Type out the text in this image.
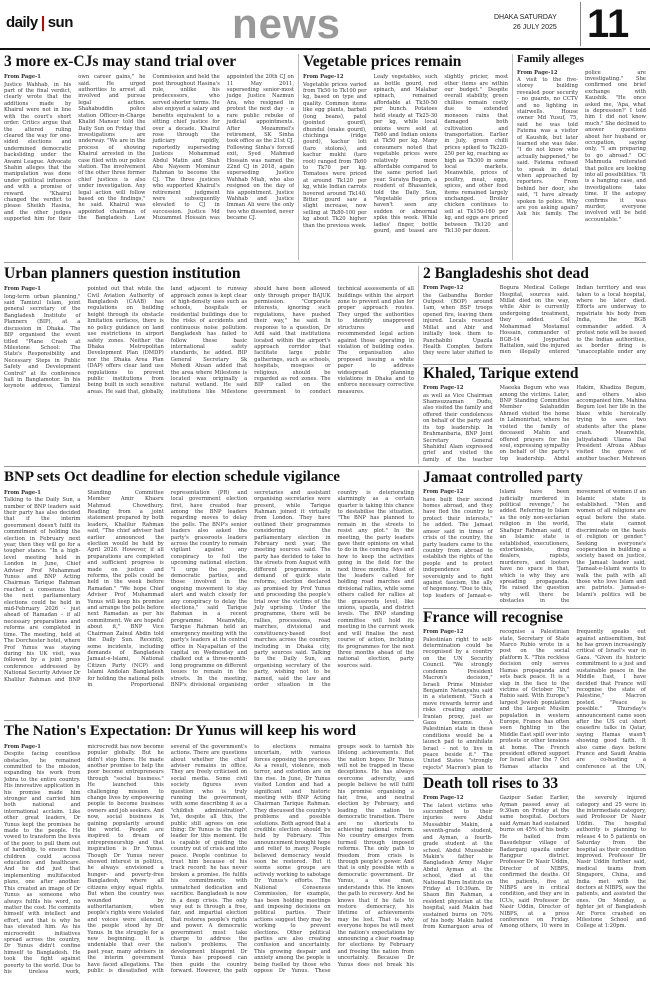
daily sun	news	DHAKA SATURDAY
26 JULY 2025 11
3 more ex-CJs may stand trial over

From Page-1

Justice Wahhab, in his part of the final verdict, clearly wrote that the additions made by Khairul were not in line with the court's short order. Critics argue that the altered ruling cleared the way for one-sided elections and undermined democratic backsliding under the Awami League. Advocate Shahin alleges that the manipulation was done under political influence and with a promise of reward. "Khairul changed the verdict to please Sheikh Hasina, and the other judges supported him for their own career gains," he said. He urged authorities to arrest all involved and pursue legal action. Shahabuddin police station Officer-in-Charge Khalid Mansur told the Daily Sun on Friday that investigations are underway. "We are in the process of showing Khairul arrested in the case filed with our police station. The involvement of the other three former chief justices is also under investigation. Any legal action will follow based on the findings," he said. Khairul was appointed chairman of the Bangladesh Law Commission and held the post throughout Hasina's rule, unlike his predecessors, who served shorter terms. He also enjoyed a salary and benefits equivalent to a sitting chief justice for over a decade. Khairul rose through the judiciary rapidly, reportedly superseding Justices Mohammad Abdul Matin and Shah Abu Nayeem Mominur Rahman to become the CJ. The three justices who supported Khairul's retirement judgment were subsequently elevated to CJ in succession. Justice Md Muzammel Hossain was appointed the 20th CJ on 11 May 2011, superseding senior-most judge Justice Nazmun Ara, who resigned in protest the next day - a rare public rebuke of judicial appointments. After Mozammel's retirement, SK Sinha took office as the 21st CJ. Following Sinha's forced exit, Syed Mahmud Hossain was named the 22nd CJ in 2018, again superseding Justice Wahhab Miah, who also resigned on the day of his appointment. Justice Wahhab and Justice Imman Ali were the only two who dissented, never became CJ.

Vegetable prices remain

From Page-12

Vegetable prices varied from Tk50 to Tk100 per kg, based on type and quality. Common items like egg plants, barbati (long beans), patol (pointed gourd), dhundul (snake gourd), chichinga (ridge gourd), kachur loti (taro stolons), and kachur mukhi (taro root) ranged from Tk60 to Tk70 per kg. Tomatoes were priced at around Tk120 per kg, while Indian carrots hovered around Tk140. Bitter gourd saw a slight increase, now selling at Tk80-100 per kg about Tk20 higher than the previous week. Leafy vegetables, such as bottle gourd, red spinach, and Malabar spinach, remained affordable at Tk30-50 per bunch. Potatoes held steady at Tk25-30 per kg, while local onions were sold at Tk60 and Indian onions at Tk50 per kg. Many consumers noted that vegetable prices were relatively more affordable compared to the same period last year. Suraiya Begum, a resident of Bhasantek, told the Daily Sun, "Vegetable prices haven't seen any sudden or abnormal spike this week. While ladies' finger, bottle gourd, and teasel are slightly pricier, most other items are within our budget." Despite overall stability, green chillies remain costly due to extended monsoon rains that damaged both cultivation and transportation. Earlier in July, green chilli prices spiked to Tk220-250 per kg, reaching as high as Tk300 in some local markets. Meanwhile, prices of poultry, meat, eggs, spices, and other food items remained largely unchanged. Broiler chicken continues to sell at Tk150-160 per kg, and eggs are priced between Tk120 and Tk130 per dozen.

Family alleges

From Page-12

A visit to the five-storey building revealed poor security - no guards, no CCTV and no lighting in stairwells. House owner Md Yusuf, 75, said he was told Fatema was a visitor of Kaushik, but later learned she was fake. "I do not know who actually happened," he said. Fatema refused to speak in detail when approached by reporters. From behind her door, she said, "I have already spoken to police. Why are you asking again? Ask his family. The police are investigating." She confirmed one brief exchange with Kaushik. "He once asked me, 'Apa, what is depression?' I told him I did not know much." She declined to answer questions about her husband or occupation, saying only, "I am preparing to go abroad." OC Mahmuda reiterated that police are looking into all possibilities. "It is a hanging case, and investigations take time. If the autopsy confirms it was murder, everyone involved will be held accountable."

Urban planners question institution

From Page-1

long-term urban planning," said Tamizul Islam, joint general secretary of the Bangladesh Institute of Planners (BIP), at a discussion in Dhaka. The BIP organised the event titled "Plane Crash at Milestone School: The State's Responsibility and Necessary Steps in Public Safety and Development Control" at its conference hall in Banglamotor. In his keynote address, Tamizul pointed out that while the Civil Aviation Authority of Bangladesh (CAAB) has regulations on building height through its obstacle limitation surfaces, there is no policy guidance on land use restrictions in airport safety zones. Neither the Dhaka Metropolitan Development Plan (DMDP) nor the Dhaka Area Plan (DAP) offers clear land use regulations to prevent public institutions from being built in such sensitive areas. He said that, globally, land adjacent to runway approach zones is kept clear of high-density uses such as schools, hospitals or residential buildings due to the risks of accidents and continuous noise pollution. Bangladesh has failed to follow these basic international safety standards, he added. BIP General Secretary Sk Mehedi Ahsan added that the area where Milestone is located was originally a natural wetland. He said institutions like Milestone should have been allowed only through proper BAJUK permission. "Corporate interests, ignoring such regulations, have pushed their way," he said. In response to a question, Dr Adil said that institutions located within the airport's approach corridor that facilitate large public gatherings, such as schools, hospitals, mosques or religious, should be regarded as red zones. The BIP called on the government to conduct technical assessments of all buildings within the airport zone to prevent and plan for proper approach routes. They urged the authorities to identify unapproved structures and recommended legal action against those operating in violation of building codes. The organisation also proposed issuing a white paper to address widespread planning violations in Dhaka and to enforce necessary corrective measures.

2 Bangladeshis shot dead

From Page-12

the Gaibandha Border Outpost (BOP) around 1am, when BSF troops opened fire, leaving them injured. Locals rescued Millat and Abir and initially took them to Panchabibi Upazila Health Complex before they were later shifted to Bogura Medical College Hospital, sources said. Millat died on the way, while Abir is currently undergoing treatment, they added. Col Mohammad Mostamul Hossain, commander of BGB-14 Joypurhat Battalion, said the injured men illegally entered Indian territory and was taken to a local hospital, where he later died. Efforts are underway to repatriate his body from India, the BGB commander added. A protest note will be issued to the Indian authorities, as border firing is "unacceptable under any

Khaled, Tarique extend

From Page-12

as well as Vice Chairman Shamsuzzaman Dudu, also visited the family and offered their condolences on behalf of the party and its top leadership. In Brahmanbaria, BNP Joint Secretary General Shahidul Alam expressed grief and visited the family of the teacher Maeeka Begum who was among the victims. Later, BNP Standing Committee Member Salahuddin Ahmed visited the home in Lalmonirhat, where he visited the family of deceased Mahin and offered prayers for his soul, expressing sympathy on behalf of the party's top leadership. Abdul Hakim, Khadiza Begum, and others also accompanied him. Mahina Begum lost her life in the blaze while heroically trying to save two students after the plane crash. Meanwhile, Jatiyatabadi Ulama Dal President Afroza Abbas visited the grave of another teacher. Mehreen

BNP sets Oct deadline for election schedule vigilance

From Page-1

Talking to the Daily Sun, a number of BNP leaders said their party has also decided that if the interim government doesn't fulfil its commitment of holding the election in February next year, then they will go for a tougher stance. "In a high-level meeting held in London in June, Chief Adviser Prof Muhammad Yunus and BNP Acting Chairman Tarique Rahman reached a consensus that the next parliamentary elections could be held in mid-February 2026 - just ahead of Ramadan - if all necessary preparations and reforms are completed in time. The meeting, held at The Dorchester hotel, where Prof Yunus was staying during his UK visit, was followed by a joint press conference addressed by National Security Advisor Dr Khalilur Rahman and BNP Standing Committee Member Amir Khasru Mahmud Chowdhury. Reading from a joint statement prepared by both leaders, Khalilur Rahman said, "The chief adviser had earlier announced the election would be held by April 2026. However, if all preparations are completed and sufficient progress is made on justice and reforms, the polls could be held in the week before Ramadan." "We hope Chief Adviser Prof Muhammad Yunus will keep his promise and arrange the polls before next Ramadan as per his commitment. We are hopeful about it," BNP Vice Chairman Zainul Abdin told the Daily Sun. Recently, some incidents, including demands of Bangladesh Jamaat-e-Islami, National Citizen Party (NCP) and Islami Andolan Bangladesh for holding the national polls in Proportional representation (PR) and local government election first, have created fear among the BNP leaders regarding moves to delay the polls. The BNP's senior leaders also asked the party's grassroots leaders across the country to remain vigilant against any conspiracy to foil the upcoming national election. "I urge the people, democratic parties, and those involved in the ongoing movement to stay alert and watch closely for any conspiracy to delay the elections," said Tarique Rahman in a recent programme. Meanwhile, Tarique Rahman held an emergency meeting with the party's leaders at its central office in Nayapaltan of the capital on Wednesday and chalked out a three-month-long programme on different issues to remain in the streets. In the meeting, BNP's divisional organising secretaries and assistant organising secretaries were present, while Tarique Rahman joined it virtually from London. They have outlined their programmes considering the parliamentary election in February next year, the meeting sources said. The party has decided to take to the streets from August with different programmes in demand of quick state reforms, election declared as promised by Prof Yunus and proceeding the people's trial over the victims of the July uprising. Under the programme, there will be rallies, processions, road marches, divisional and constituency-based foot marches across the country, including in Dhaka city, party sources said. Talking to the Daily Sun, an organising secretary of the party, wishing not to be named, said the law and order situation in the country is deteriorating alarmingly as a certain quarter is taking this chance to destabilise the situation. "The BNP has planned to remain in the streets to resist any plot." In the meeting, the party leaders gave their opinions on what to do in the coming days and how to keep the activities going in the field for the next three months. Most of the leaders called for holding road marches and divisional rallies, while some others called for rallies at the grassroots level, like unions, upazila, and district levels. The BNP standing committee will hold its meeting in the current week and will finalise the next course of action, including its programmes for the next three months ahead of the national election, party sources said.

Jamaat controlled party

From Page-12

have built their second homes abroad, and they have fled the country to protect their interests," he added. The Jamaat ameer said in times of crisis of the country, the party leaders came to the country from abroad to establish the rights of the people and to protect independence and sovereignty and to fight against fascism, the ally of hegemony. "Due to this, top leaders of Jamaat-e-Islami have been judicially murdered in political revenge," he added. Referring to Islam as the only non-sectarian religion in the world, Shafiqur Rahman said, if an Islamic state is established, executioners, extortionists, drug dealers, rapists, murderers, and looters have no space in that, which is why they are spreading propaganda. He raised the question why will there be obstacles in the movement of women if an Islamic state is established. "Men and women of all religions are equal before the state. The state cannot discriminate on the basis of religion or gender." Seeking everyone's cooperation in building a society based on justice, the Jamaat leader said, "Jamaat-e-Islami wants to walk the path with all those who love Islam and are patriots. Jamaat-e-Islami's politics will be

France will recognise

From Page-12

Palestinian right to self-determination could be recognised by a country on the UN Security Council. "We strongly condemn President Macron's decision," Israeli Prime Minister Benjamin Netanyahu said in a statement. "Such a move rewards terror and risks creating another Iranian proxy, just as Gaza became. A Palestinian state in these conditions would be a launch pad to annihilate Israel - not to live in peace beside it." The United States "strongly rejects" Macron's plan to recognise a Palestinian state, Secretary of State Marco Rubio wrote in a post on the social platform X. "This reckless decision only serves Hamas propaganda and sets back peace. It is a slap in the face to the victims of October 7th," Rubio said. With Europe's largest Jewish population and the largest Muslim population in western Europe, France has often seen fighting in the Middle East spill over into protests or other tensions at home. The French president offered support for Israel after the 7 Oct Hamas attacks and frequently speaks out against antisemitism, but he has grown increasingly critical of Israel's war in Gaza. "Given its historic commitment to a just and sustainable peace in the Middle East, I have decided that France will recognise the state of Palestine," Macron posted. "Peace is possible." Thursday's announcement came soon after the US cut short ceasefire talks in Qatar, saying Hamas wasn't showing good faith. It also came days before France and Saudi Arabia are co-hosting a conference at the UN,

The Nation's Expectation: Dr Yunus will keep his word

From Page-1

Despite facing countless obstacles, he remained committed to the mission, expanding his work from Jobra to the entire country. His innovative application in his promise made him stronger and carried him both national and international acclaim. Like other great leaders, Dr Yunus kept the promises he made to the people. He vowed to transform the lives of the poor, to pull them out of hardship, to ensure that children could access education and healthcare. And he did just that implementing multifaceted plans, one after another. This created an image of Dr Yunus as someone who always fulfils his word, no matter the cost. He commits himself with intellect and effort, and that is why he has elevated him. As his microcredit initiatives spread across the country, Dr Yunus didn't confine himself to Bangladesh. He took the fight against poverty to the world. Due to his tireless work, microcredit has now become popular globally. But he didn't stop there. He made another promise to help the poor become entrepreneurs through "social business." He launched this challenging mission to change lives by empowering people to become business owners and job seekers. And now, social business is gaining popularity around the world. People are inspired to dream of entrepreneurship and that inspiration is Dr Yunus. Though Dr Yunus never showed interest in politics, he always envisioned a hunger- and poverty-free Bangladesh, where all citizens enjoy equal rights. But when the country was wounded by authoritarianism, when people's rights were violated and voices were silenced, the people stood by Dr Yunus. In the struggle for a new beginning. It is undeniable that over the past year, many advisers in the interim government have faced allegations. The public is dissatisfied with several of the government's actions. There are questions about whether the chief adviser remains in office. They are freely criticised on social media. Some civil society figures even question who is truly running the government, with some describing it as a "childish administration". Yet, despite all this, the public still agrees on one thing: Dr Yunus is the right leader for this moment. He is capable of guiding the country out of crisis and into peace. People continue to trust him because of his track record: he has never broken a promise. He fulfils his commitments with unmatched dedication and sacrifice. Bangladesh is now in a deep crisis. The only way out is through a free, fair, and impartial election that restores people's rights and power. A democratic government must take charge to address the nation's problems. The development blueprint Dr Yunus has proposed can then guide the country forward. However, the path to elections remains uncertain, with various forces opposing the process. As a result, violence, mob terror, and extortion are on the rise. In June, Dr Yunus visited London and had a significant and historic meeting with BNP Acting Chairman Tarique Rahman. They discussed the country's problems and possible solutions. Both agreed that a credible election should be held by February. This announcement brought hope and relief to many. People believed democracy would soon be restored. But it seems some groups are actively working to sabotage Dr Yunus's efforts. The National Consensus Commission, for example, has been holding meetings and imposing decisions on political parties. Their actions suggest they may be working to prevent elections. Other political parties are also creating confusion and uncertainty. This growing despair and anxiety among the people is being fuelled by those who oppose Dr Yunus. These groups seek to tarnish his lifelong achievements. But the nation hopes Dr Yunus will not be trapped in these deceptions. He has always overcome adversity, and people believe he will fulfil his promise organising a fair, free, and neutral election by February, and leading the nation to democratic transition. There are no shortcuts to achieving national reform. No country emerges from turmoil through imposed reforms. The only path to freedom from crisis is through people's power. And that is only possible with a democratic government. Dr Yunus, a wise man, understands this. He knows the path to recovery. And he knows that if he fails to restore democracy, his lifetime of achievements may be lost. That is why everyone hopes he will meet the nation's expectations by announcing a clear roadmap for elections by February and freeing the nation from uncertainty. Because Dr Yunus does not break his

Death toll rises to 33

From Page-12

The latest victims who succumbed to their injuries were Abdul Mussabbir Makin, a seventh-grade student, and Ayman, a fourth-grade student at the school. Abdul Mussabbir Makin's father is Bangladesh Army Major Abdul Ayman at the school, died at the National Burn Institute on Friday at 10:39am. Dr Shaon Bin Rahman, a resident physician at the hospital, said Makin had sustained burns on 70% of his body. Makin hailed from Kumargaon area of Gazipur Sadar. Earlier, Ayman passed away at 9:30am on Friday at the same hospital. Doctors said Ayman had sustained burns on 45% of his body. He hailed from Basudebpur village of Badarganj upazila under Rangpur district. Professor Dr Nasir Uddin, Director of NIBPS, confirmed the deaths. Of the patients, five at NIBPS are in critical condition, and they are in ICUs, said Professor Dr Nasir Uddin, Director of NIBPS, at a press conference on Friday. Among others, 10 were in the severely injured category and 25 were in the intermediate category, said Professor Dr Nasir Uddin. The hospital authority is planning to release 4 to 5 patients on Saturday from the hospital as their condition improved. Professor Dr Nasir Uddin further said, medical teams from Singapore, China, and India met with the doctors at NIBPS, saw the patients, and assisted the ones. On Monday, a fighter jet of Bangladesh Air Force crashed on Milestone School and College at 1:20pm.
